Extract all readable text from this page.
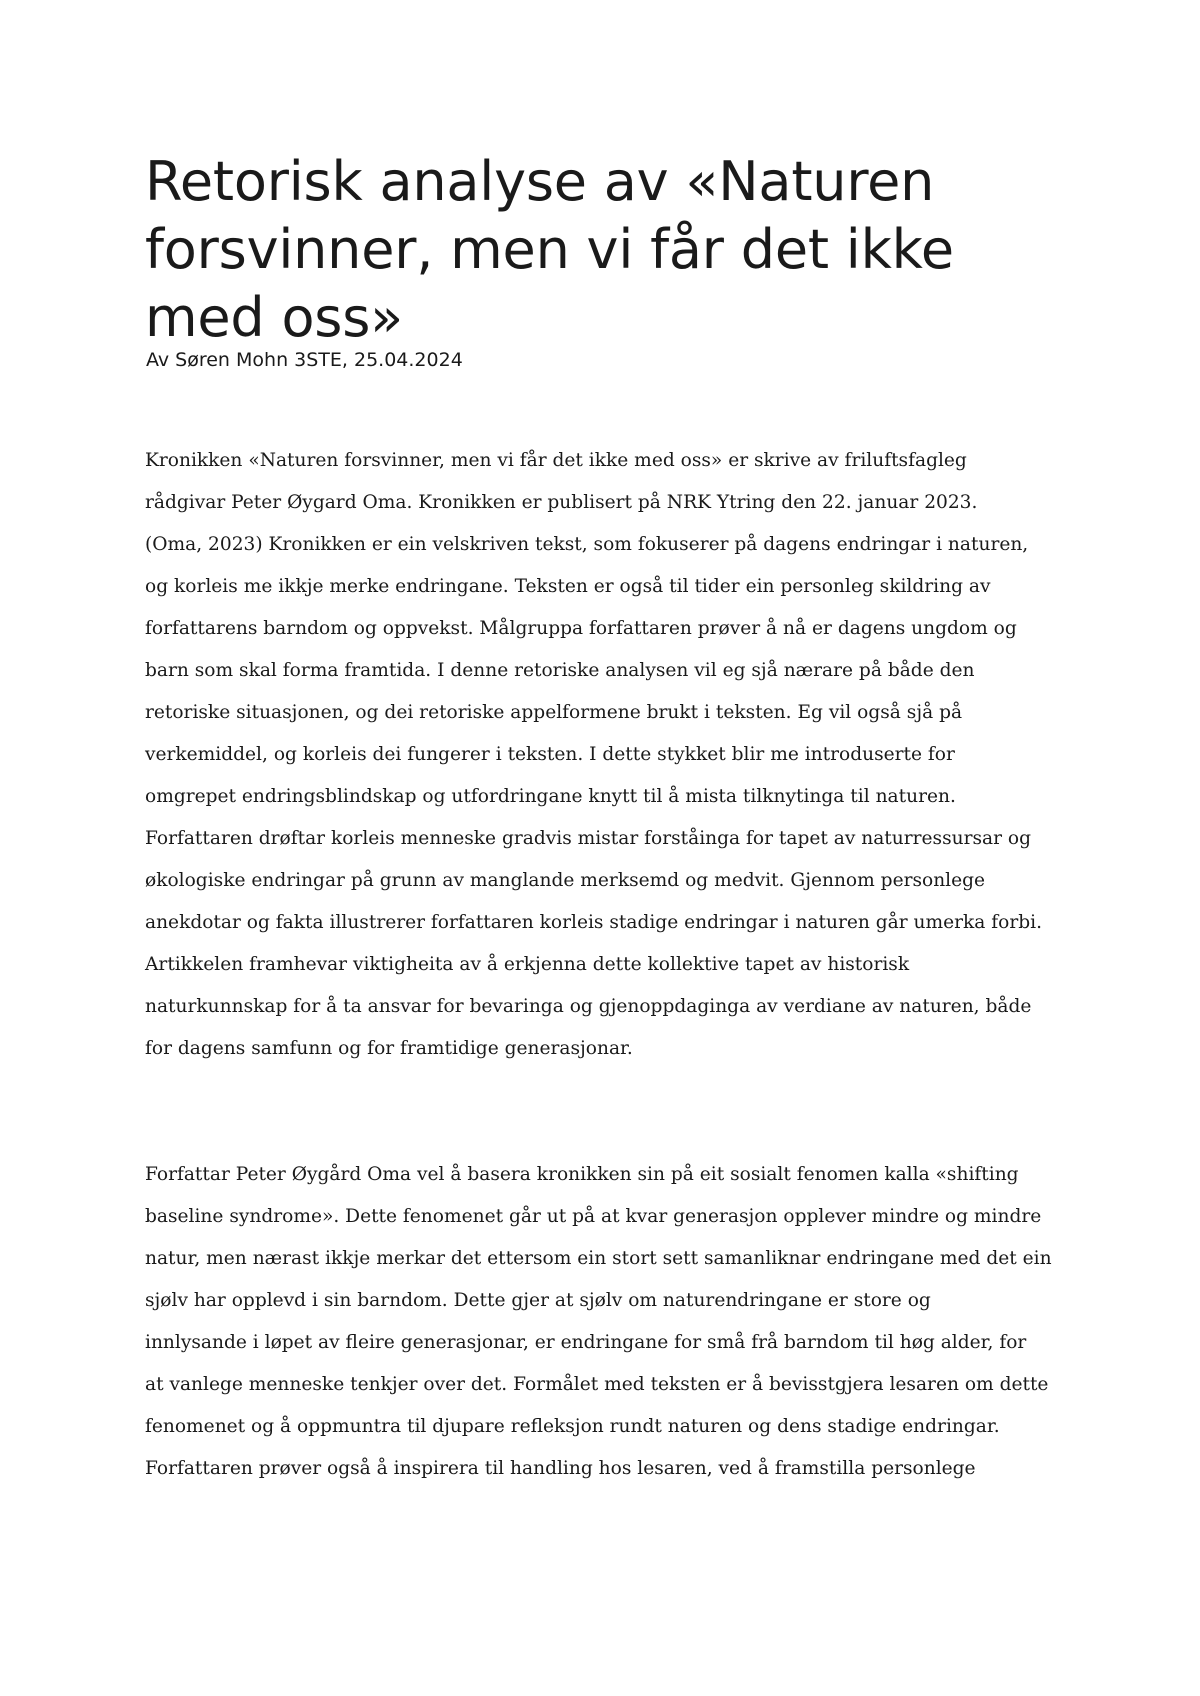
Retorisk analyse av «Naturen
forsvinner, men vi får det ikke
med oss»

Av Søren Mohn 3STE, 25.04.2024

Kronikken «Naturen forsvinner, men vi får det ikke med oss» er skrive av friluftsfagleg
rådgivar Peter Øygard Oma. Kronikken er publisert på NRK Ytring den 22. januar 2023.
(Oma, 2023) Kronikken er ein velskriven tekst, som fokuserer på dagens endringar i naturen,
og korleis me ikkje merke endringane. Teksten er også til tider ein personleg skildring av
forfattarens barndom og oppvekst. Målgruppa forfattaren prøver å nå er dagens ungdom og
barn som skal forma framtida. I denne retoriske analysen vil eg sjå nærare på både den
retoriske situasjonen, og dei retoriske appelformene brukt i teksten. Eg vil også sjå på
verkemiddel, og korleis dei fungerer i teksten. I dette stykket blir me introduserte for
omgrepet endringsblindskap og utfordringane knytt til å mista tilknytinga til naturen.
Forfattaren drøftar korleis menneske gradvis mistar forståinga for tapet av naturressursar og
økologiske endringar på grunn av manglande merksemd og medvit. Gjennom personlege
anekdotar og fakta illustrerer forfattaren korleis stadige endringar i naturen går umerka forbi.
Artikkelen framhevar viktigheita av å erkjenna dette kollektive tapet av historisk
naturkunnskap for å ta ansvar for bevaringa og gjenoppdaginga av verdiane av naturen, både
for dagens samfunn og for framtidige generasjonar.
Forfattar Peter Øygård Oma vel å basera kronikken sin på eit sosialt fenomen kalla «shifting
baseline syndrome». Dette fenomenet går ut på at kvar generasjon opplever mindre og mindre
natur, men nærast ikkje merkar det ettersom ein stort sett samanliknar endringane med det ein
sjølv har opplevd i sin barndom. Dette gjer at sjølv om naturendringane er store og
innlysande i løpet av fleire generasjonar, er endringane for små frå barndom til høg alder, for
at vanlege menneske tenkjer over det. Formålet med teksten er å bevisstgjera lesaren om dette
fenomenet og å oppmuntra til djupare refleksjon rundt naturen og dens stadige endringar.
Forfattaren prøver også å inspirera til handling hos lesaren, ved å framstilla personlege
